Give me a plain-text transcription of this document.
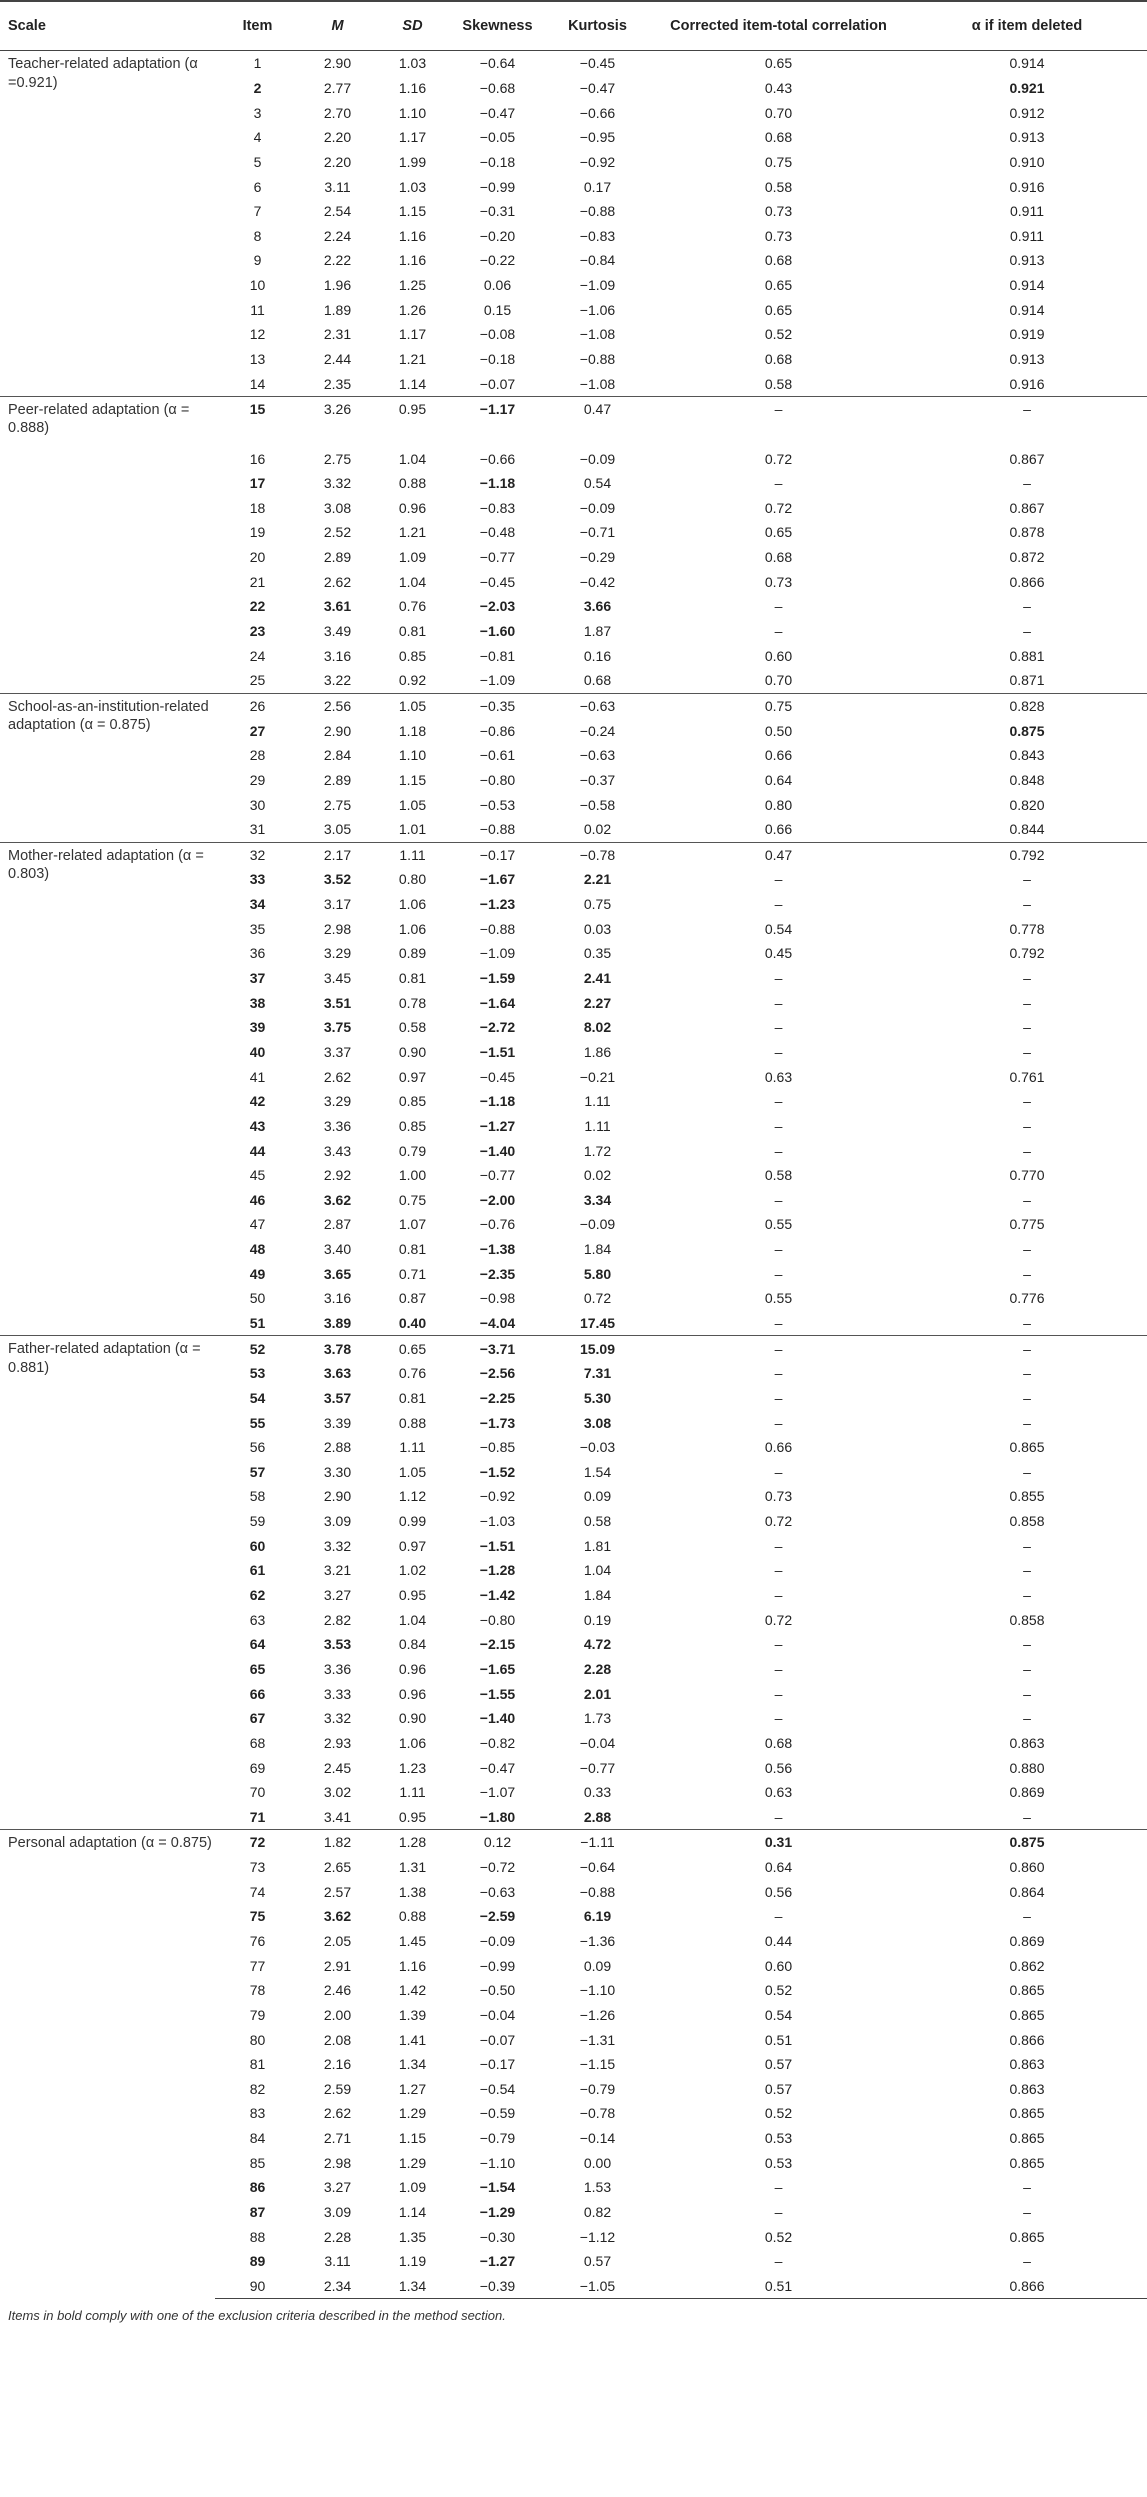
Scale	Item	M	SD	Skewness	Kurtosis	Corrected item-total correlation	α if item deleted
Teacher-related adaptation (α =0.921)	1	2.90	1.03	−0.64	−0.45	0.65	0.914
	2	2.77	1.16	−0.68	−0.47	0.43	0.921
	3	2.70	1.10	−0.47	−0.66	0.70	0.912
	4	2.20	1.17	−0.05	−0.95	0.68	0.913
	5	2.20	1.99	−0.18	−0.92	0.75	0.910
	6	3.11	1.03	−0.99	0.17	0.58	0.916
	7	2.54	1.15	−0.31	−0.88	0.73	0.911
	8	2.24	1.16	−0.20	−0.83	0.73	0.911
	9	2.22	1.16	−0.22	−0.84	0.68	0.913
	10	1.96	1.25	0.06	−1.09	0.65	0.914
	11	1.89	1.26	0.15	−1.06	0.65	0.914
	12	2.31	1.17	−0.08	−1.08	0.52	0.919
	13	2.44	1.21	−0.18	−0.88	0.68	0.913
	14	2.35	1.14	−0.07	−1.08	0.58	0.916
Peer-related adaptation (α = 0.888)	15	3.26	0.95	−1.17	0.47	–	–

	16	2.75	1.04	−0.66	−0.09	0.72	0.867
	17	3.32	0.88	−1.18	0.54	–	–
	18	3.08	0.96	−0.83	−0.09	0.72	0.867
	19	2.52	1.21	−0.48	−0.71	0.65	0.878
	20	2.89	1.09	−0.77	−0.29	0.68	0.872
	21	2.62	1.04	−0.45	−0.42	0.73	0.866
	22	3.61	0.76	−2.03	3.66	–	–
	23	3.49	0.81	−1.60	1.87	–	–
	24	3.16	0.85	−0.81	0.16	0.60	0.881
	25	3.22	0.92	−1.09	0.68	0.70	0.871
School-as-an-institution-related adaptation (α = 0.875)	26	2.56	1.05	−0.35	−0.63	0.75	0.828
	27	2.90	1.18	−0.86	−0.24	0.50	0.875
	28	2.84	1.10	−0.61	−0.63	0.66	0.843
	29	2.89	1.15	−0.80	−0.37	0.64	0.848
	30	2.75	1.05	−0.53	−0.58	0.80	0.820
	31	3.05	1.01	−0.88	0.02	0.66	0.844
Mother-related adaptation (α = 0.803)	32	2.17	1.11	−0.17	−0.78	0.47	0.792
	33	3.52	0.80	−1.67	2.21	–	–
	34	3.17	1.06	−1.23	0.75	–	–
	35	2.98	1.06	−0.88	0.03	0.54	0.778
	36	3.29	0.89	−1.09	0.35	0.45	0.792
	37	3.45	0.81	−1.59	2.41	–	–
	38	3.51	0.78	−1.64	2.27	–	–
	39	3.75	0.58	−2.72	8.02	–	–
	40	3.37	0.90	−1.51	1.86	–	–
	41	2.62	0.97	−0.45	−0.21	0.63	0.761
	42	3.29	0.85	−1.18	1.11	–	–
	43	3.36	0.85	−1.27	1.11	–	–
	44	3.43	0.79	−1.40	1.72	–	–
	45	2.92	1.00	−0.77	0.02	0.58	0.770
	46	3.62	0.75	−2.00	3.34	–	–
	47	2.87	1.07	−0.76	−0.09	0.55	0.775
	48	3.40	0.81	−1.38	1.84	–	–
	49	3.65	0.71	−2.35	5.80	–	–
	50	3.16	0.87	−0.98	0.72	0.55	0.776
	51	3.89	0.40	−4.04	17.45	–	–
Father-related adaptation (α = 0.881)	52	3.78	0.65	−3.71	15.09	–	–
	53	3.63	0.76	−2.56	7.31	–	–
	54	3.57	0.81	−2.25	5.30	–	–
	55	3.39	0.88	−1.73	3.08	–	–
	56	2.88	1.11	−0.85	−0.03	0.66	0.865
	57	3.30	1.05	−1.52	1.54	–	–
	58	2.90	1.12	−0.92	0.09	0.73	0.855
	59	3.09	0.99	−1.03	0.58	0.72	0.858
	60	3.32	0.97	−1.51	1.81	–	–
	61	3.21	1.02	−1.28	1.04	–	–
	62	3.27	0.95	−1.42	1.84	–	–
	63	2.82	1.04	−0.80	0.19	0.72	0.858
	64	3.53	0.84	−2.15	4.72	–	–
	65	3.36	0.96	−1.65	2.28	–	–
	66	3.33	0.96	−1.55	2.01	–	–
	67	3.32	0.90	−1.40	1.73	–	–
	68	2.93	1.06	−0.82	−0.04	0.68	0.863
	69	2.45	1.23	−0.47	−0.77	0.56	0.880
	70	3.02	1.11	−1.07	0.33	0.63	0.869
	71	3.41	0.95	−1.80	2.88	–	–
Personal adaptation (α = 0.875)	72	1.82	1.28	0.12	−1.11	0.31	0.875
	73	2.65	1.31	−0.72	−0.64	0.64	0.860
	74	2.57	1.38	−0.63	−0.88	0.56	0.864
	75	3.62	0.88	−2.59	6.19	–	–
	76	2.05	1.45	−0.09	−1.36	0.44	0.869
	77	2.91	1.16	−0.99	0.09	0.60	0.862
	78	2.46	1.42	−0.50	−1.10	0.52	0.865
	79	2.00	1.39	−0.04	−1.26	0.54	0.865
	80	2.08	1.41	−0.07	−1.31	0.51	0.866
	81	2.16	1.34	−0.17	−1.15	0.57	0.863
	82	2.59	1.27	−0.54	−0.79	0.57	0.863
	83	2.62	1.29	−0.59	−0.78	0.52	0.865
	84	2.71	1.15	−0.79	−0.14	0.53	0.865
	85	2.98	1.29	−1.10	0.00	0.53	0.865
	86	3.27	1.09	−1.54	1.53	–	–
	87	3.09	1.14	−1.29	0.82	–	–
	88	2.28	1.35	−0.30	−1.12	0.52	0.865
	89	3.11	1.19	−1.27	0.57	–	–
	90	2.34	1.34	−0.39	−1.05	0.51	0.866
Items in bold comply with one of the exclusion criteria described in the method section.
